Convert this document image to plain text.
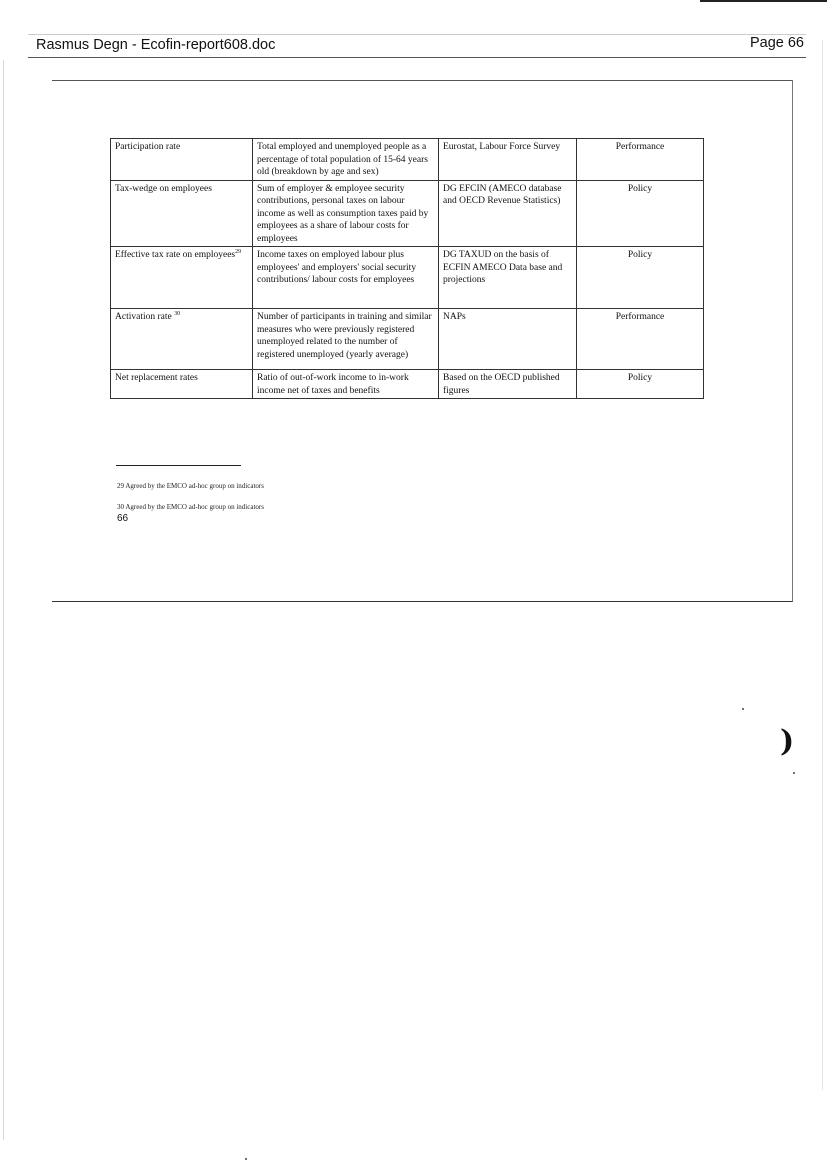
Rasmus Degn - Ecofin-report608.doc	Page 66
Participation rate	Total employed and unemployed people as a percentage of total population of 15-64 years old (breakdown by age and sex)	Eurostat, Labour Force Survey	Performance
Tax-wedge on employees	Sum of employer & employee security contributions, personal taxes on labour income as well as consumption taxes paid by employees as a share of labour costs for employees	DG EFCIN (AMECO database and OECD Revenue Statistics)	Policy
Effective tax rate on employees$^{29}$	Income taxes on employed labour plus employees' and employers' social security contributions/ labour costs for employees	DG TAXUD on the basis of ECFIN AMECO Data base and projections	Policy
Activation rate $^{30}$	Number of participants in training and similar measures who were previously registered unemployed related to the number of registered unemployed (yearly average)	NAPs	Performance
Net replacement rates	Ratio of out-of-work income to in-work income net of taxes and benefits	Based on the OECD published figures	Policy
29 Agreed by the EMCO ad-hoc group on indicators
30 Agreed by the EMCO ad-hoc group on indicators
66
)
